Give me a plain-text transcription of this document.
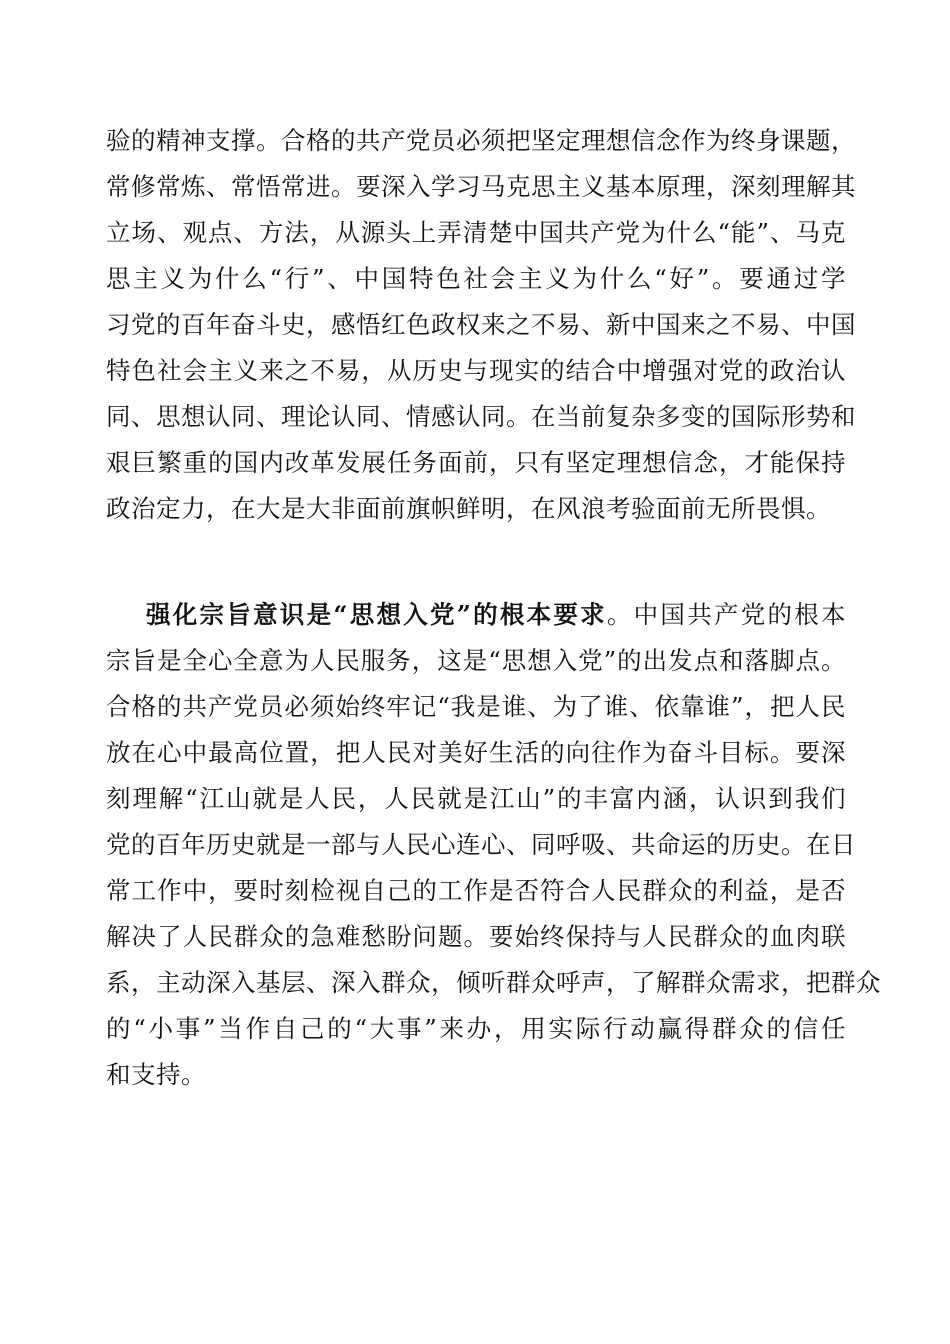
验的精神支撑。合格的共产党员必须把坚定理想信念作为终身课题，
常修常炼、常悟常进。要深入学习马克思主义基本原理，深刻理解其
立场、观点、方法，从源头上弄清楚中国共产党为什么“能”、马克
思主义为什么“行”、中国特色社会主义为什么“好”。要通过学
习党的百年奋斗史，感悟红色政权来之不易、新中国来之不易、中国
特色社会主义来之不易，从历史与现实的结合中增强对党的政治认
同、思想认同、理论认同、情感认同。在当前复杂多变的国际形势和
艰巨繁重的国内改革发展任务面前，只有坚定理想信念，才能保持
政治定力，在大是大非面前旗帜鲜明，在风浪考验面前无所畏惧。
强化宗旨意识是“思想入党”的根本要求。中国共产党的根本
宗旨是全心全意为人民服务，这是“思想入党”的出发点和落脚点。
合格的共产党员必须始终牢记“我是谁、为了谁、依靠谁”，把人民
放在心中最高位置，把人民对美好生活的向往作为奋斗目标。要深
刻理解“江山就是人民，人民就是江山”的丰富内涵，认识到我们
党的百年历史就是一部与人民心连心、同呼吸、共命运的历史。在日
常工作中，要时刻检视自己的工作是否符合人民群众的利益，是否
解决了人民群众的急难愁盼问题。要始终保持与人民群众的血肉联
系，主动深入基层、深入群众，倾听群众呼声，了解群众需求，把群众
的“小事”当作自己的“大事”来办，用实际行动赢得群众的信任
和支持。
